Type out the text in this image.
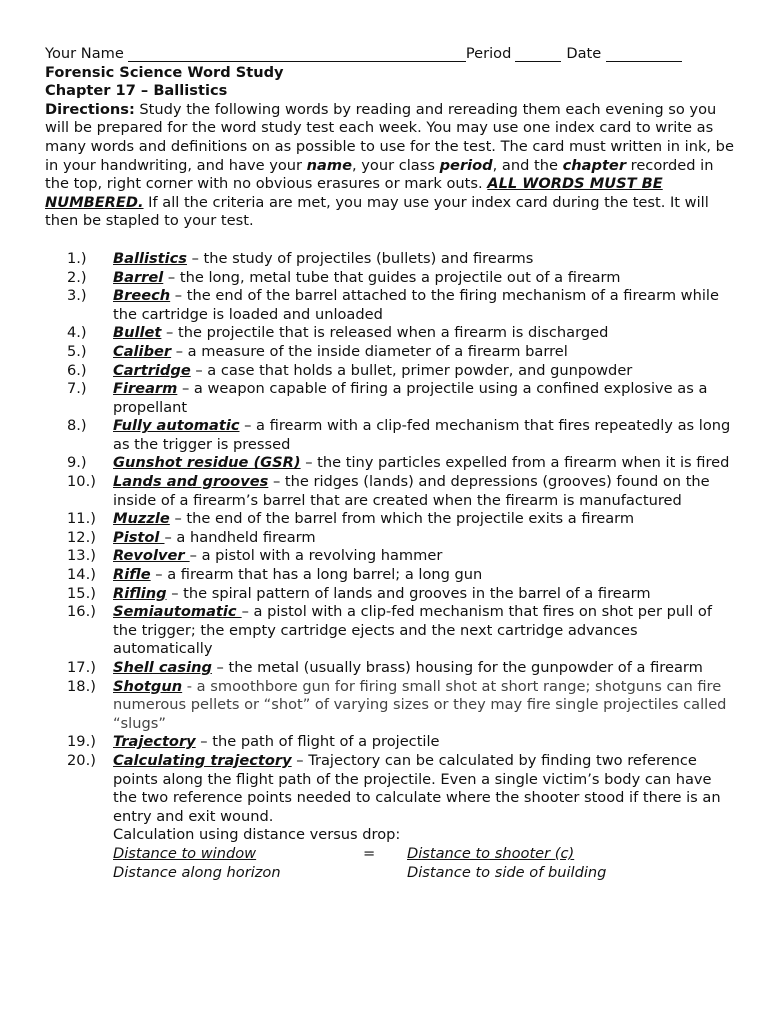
Your Name	Period	Date
Forensic Science Word Study
Chapter 17 – Ballistics

Directions: Study the following words by reading and rereading them each evening so you will be prepared for the word study test each week. You may use one index card to write as many words and definitions on as possible to use for the test. The card must written in ink, be in your handwriting, and have your name, your class period, and the chapter recorded in the top, right corner with no obvious erasures or mark outs. ALL WORDS MUST BE NUMBERED. If all the criteria are met, you may use your index card during the test. It will then be stapled to your test.

1.)	Ballistics – the study of projectiles (bullets) and firearms
2.)	Barrel – the long, metal tube that guides a projectile out of a firearm
3.)	Breech – the end of the barrel attached to the firing mechanism of a firearm while the cartridge is loaded and unloaded
4.)	Bullet – the projectile that is released when a firearm is discharged
5.)	Caliber – a measure of the inside diameter of a firearm barrel
6.)	Cartridge – a case that holds a bullet, primer powder, and gunpowder
7.)	Firearm – a weapon capable of firing a projectile using a confined explosive as a propellant
8.)	Fully automatic – a firearm with a clip-fed mechanism that fires repeatedly as long as the trigger is pressed
9.)	Gunshot residue (GSR) – the tiny particles expelled from a firearm when it is fired
10.)	Lands and grooves – the ridges (lands) and depressions (grooves) found on the inside of a firearm’s barrel that are created when the firearm is manufactured
11.)	Muzzle – the end of the barrel from which the projectile exits a firearm
12.)	Pistol – a handheld firearm
13.)	Revolver – a pistol with a revolving hammer
14.)	Rifle – a firearm that has a long barrel; a long gun
15.)	Rifling – the spiral pattern of lands and grooves in the barrel of a firearm
16.)	Semiautomatic – a pistol with a clip-fed mechanism that fires on shot per pull of the trigger; the empty cartridge ejects and the next cartridge advances automatically
17.)	Shell casing – the metal (usually brass) housing for the gunpowder of a firearm
18.)	Shotgun - a smoothbore gun for firing small shot at short range; shotguns can fire numerous pellets or “shot” of varying sizes or they may fire single projectiles called “slugs”
19.)	Trajectory – the path of flight of a projectile
20.)	Calculating trajectory – Trajectory can be calculated by finding two reference points along the flight path of the projectile. Even a single victim’s body can have the two reference points needed to calculate where the shooter stood if there is an entry and exit wound.
Calculation using distance versus drop:
Distance to window	=	Distance to shooter (c)
Distance along horizon	Distance to side of building
